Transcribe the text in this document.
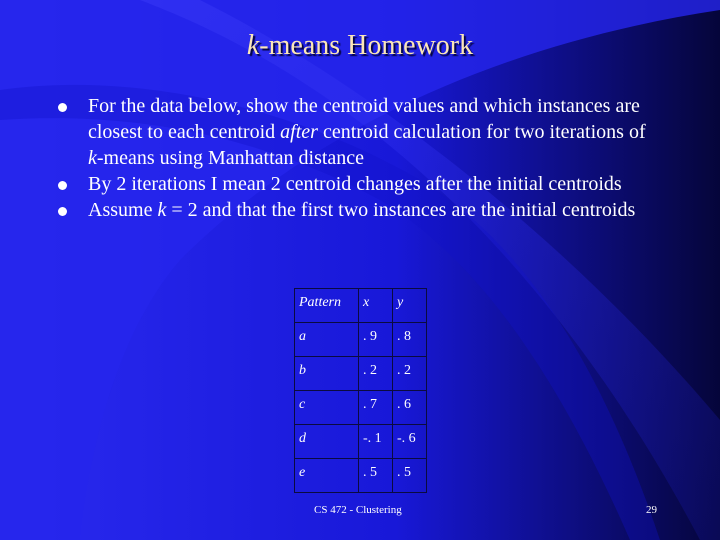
k-means Homework
For the data below, show the centroid values and which instances are closest to each centroid after centroid calculation for two iterations of k-means using Manhattan distance
By 2 iterations I mean 2 centroid changes after the initial centroids
Assume k = 2 and that the first two instances are the initial centroids
Pattern	x	y
a	. 9	. 8
b	. 2	. 2
c	. 7	. 6
d	-. 1	-. 6
e	. 5	. 5
CS 472 - Clustering	29
